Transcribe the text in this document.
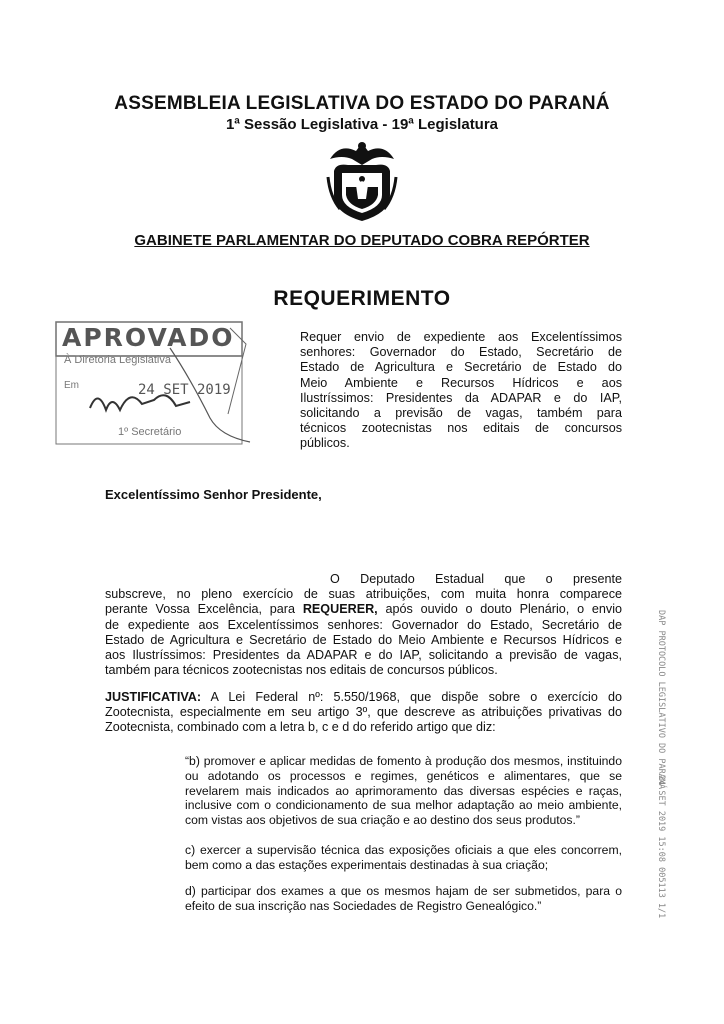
ASSEMBLEIA LEGISLATIVA DO ESTADO DO PARANÁ
1ª Sessão Legislativa - 19ª Legislatura
GABINETE PARLAMENTAR DO DEPUTADO COBRA REPÓRTER
REQUERIMENTO
APROVADO
À Diretoria Legislativa
Em	24 SET 2019
1º Secretário
Requer envio de expediente aos Excelentíssimos
senhores: Governador do Estado, Secretário de
Estado de Agricultura e Secretário de Estado do
Meio Ambiente e Recursos Hídricos e aos
Ilustríssimos: Presidentes da ADAPAR e do IAP,
solicitando a previsão de vagas, também para
técnicos zootecnistas nos editais de concursos
públicos.
Excelentíssimo Senhor Presidente,
O Deputado Estadual que o presente
subscreve, no pleno exercício de suas atribuições, com muita honra comparece
perante Vossa Excelência, para REQUERER, após ouvido o douto Plenário, o envio
de expediente aos Excelentíssimos senhores: Governador do Estado, Secretário de
Estado de Agricultura e Secretário de Estado do Meio Ambiente e Recursos Hídricos e
aos Ilustríssimos: Presidentes da ADAPAR e do IAP, solicitando a previsão de vagas,
também para técnicos zootecnistas nos editais de concursos públicos.
JUSTIFICATIVA: A Lei Federal nº: 5.550/1968, que dispõe sobre o exercício do
Zootecnista, especialmente em seu artigo 3º, que descreve as atribuições privativas do
Zootecnista, combinado com a letra b, c e d do referido artigo que diz:
“b) promover e aplicar medidas de fomento à produção dos mesmos, instituindo
ou adotando os processos e regimes, genéticos e alimentares, que se
revelarem mais indicados ao aprimoramento das diversas espécies e raças,
inclusive com o condicionamento de sua melhor adaptação ao meio ambiente,
com vistas aos objetivos de sua criação e ao destino dos seus produtos.”
c) exercer a supervisão técnica das exposições oficiais a que eles concorrem,
bem como a das estações experimentais destinadas à sua criação;
d) participar dos exames a que os mesmos hajam de ser submetidos, para o
efeito de sua inscrição nas Sociedades de Registro Genealógico.”
DAP PROTOCOLO LEGISLATIVO DO PARANÁ
24 SET 2019 15:08 005113 1/1
